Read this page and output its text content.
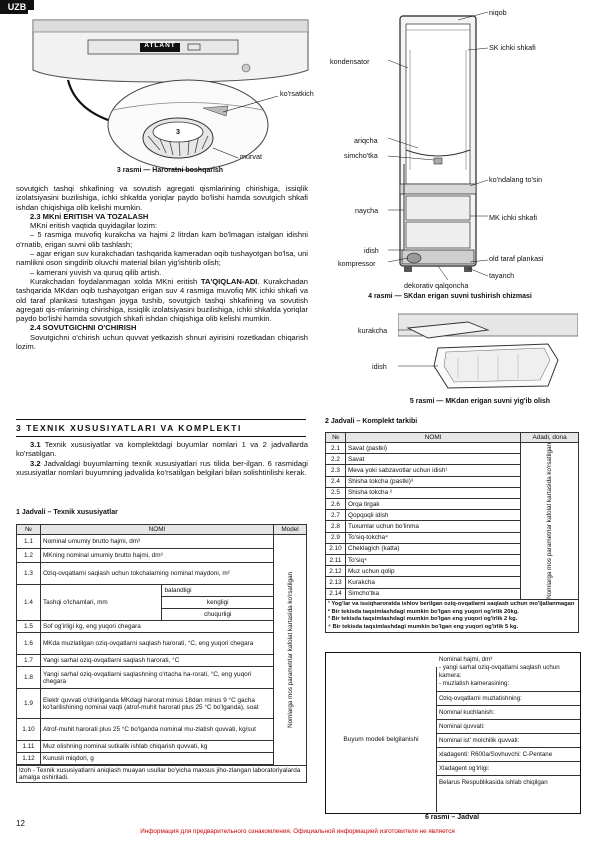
UZB
ATLANT
ko'rsatkich
3
murvat
3 rasmi — Haroratni boshqarish
niqob
SK ichki shkafi
kondensator
ariqcha
simcho'tka
ko'ndalang to'sin
naycha
MK ichki shkafi
idish
old taraf plankasi
kompressor
tayanch
dekorativ qalqoncha
4 rasmi — SKdan erigan suvni tushirish chizmasi
kurakcha
idish
5 rasmi — MKdan erigan suvni yig'ib olish

sovutgich tashqi shkafining va sovutish agregati qismlarining chirishiga, issiqlik izolatsiyasini buzilishiga, ichki shkafda yoriqlar paydo bo'lishi hamda sovutgich shkafi ishdan chiqishiga olib kelishi mumkin.

2.3 MKni ERITISH VA TOZALASH

MKni eritish vaqtida quyidagilar lozim:

– 5 rasmiga muvofiq kurakcha va hajmi 2 litrdan kam bo'lmagan istalgan idishni o'rnatib, erigan suvni olib tashlash;

– agar erigan suv kurakchadan tashqarida kameradan oqib tushayotgan bo'lsa, uni namlikni oson singdirib oluvchi material bilan yig'ishtirib olish;

– kamerani yuvish va quruq qilib artish.

Kurakchadan foydalanmagan xolda MKni eritish TA'QIQLAN-ADI. Kurakchadan tashqarida MKdan oqib tushayotgan erigan suv 4 rasmiga muvofiq MK ichki shkafi va old taraf plankasi tutashgan joyga tushib, sovutgich tashqi shkafining va sovutish agregati qis-mlarining chirishiga, issiqlik izolatsiyasini buzilishiga, ichki shkafda yoriqlar paydo bo'lishi hamda sovutgich shkafi ishdan chiqishiga olib kelishi mumkin.

2.4 SOVUTGICHNI O'CHIRISH

Sovutgichni o'chirish uchun quvvat yetkazish shnuri ayirisini rozetkadan chiqarish lozim.

3 TEXNIK XUSUSIYATLARI VA KOMPLEKTI

3.1 Texnik xususiyatlar va komplektdagi buyumlar nomlari 1 va 2 jadvallarda ko'rsatilgan.

3.2 Jadvaldagi buyumlarning texnik xususiyatlari rus tilida ber-ilgan. 6 rasmidagi xususiyatlar nomlari buyumning jadvalida ko'rsatilgan belgilari bilan solishtirilishi kerak.

1 Jadvali – Texnik xususiyatlar
№	NOMI		Model
1.1	Nominal umumiy brutto hajmi, dm³		Nomlarga mos parametrlar kafolat kartasida ko'rsatilgan

1.2	MKning nominal umumiy brutto hajmi, dm³		
1.3	Oziq-ovqatlarni saqlash uchun tokchalarning nominal maydoni, m²		
1.4	Tashqi o'lchamlari, mm	balandligi	
		kengligi	
		chuqurligi	
1.5	Sof og'irligi kg, eng yuqori chegara		
1.6	MKda muzlatilgan oziq-ovqatlarni saqlash harorati, °C, eng yuqori chegara		
1.7	Yangi sarhal oziq-ovqatlarni saqlash harorati, °C		
1.8	Yangi sarhal oziq-ovqatlarni saqlashning o'rtacha ha-rorati, °C, eng yuqori chegara		
1.9	Elektr quvvati o'chirilganda MKdagi harorat minus 18dan minus 9 °C gacha ko'tarilishining nominal vaqti (atrof-muhit harorati plus 25 °C bo'lganda), soat		
1.10	Atrof-muhit harorati plus 25 °C bo'lganda nominal mu-zlatish quvvati, kg/sut		
1.11	Muz olishning nominal sutkalik ishlab chiqarish quvvati, kg		
1.12	Kunusli miqdori, g		

Izoh - Texnik xususiyatlarni aniqlash muayan usullar bo'yicha maxsus jiho-zlangan laboratoriyalarda amalga oshiriladi.			
2 Jadvali – Komplekt tarkibi
№	NOMI	Adadi, dona
2.1	Savat (pastki)	Nomlarga mos parametrlar kafolat kartasida ko'rsatilgan

2.2	Savat	
2.3	Meva yoki sabzavotlar uchun idish¹	
2.4	Shisha tokcha (pastki)³	
2.5	Shisha tokcha ²	
2.6	Orqa tirgak	
2.7	Qopqoqli idish	
2.8	Tuxumlar uchun bo'linma	
2.9	To'siq-tokcha⁴	
2.10	Cheklagich (katta)	
2.11	To'siq⁴	
2.12	Muz uchun qolip	
2.13	Kurakcha	
2.14	Simcho'tka	

¹ Yog'lar va issiqharoratda ishlov berilgan oziq-ovqatlarni saqlash uchun mo'ljallanmagan
² Bir tekisda taqsimlashdagi mumkin bo'lgan eng yuqori og'irlik 20kg.
³ Bir tekisda taqsimlashdagi mumkin bo'lgan eng yuqori og'irlik 2 kg.
⁴ Bir tekisda taqsimlashdagi mumkin bo'lgan eng yuqori og'irlik 5 kg.		
Buyum modeli belgilanishi
Nominal hajmi, dm³
- yangi sarhal oziq-ovqatlarni saqlash uchun kamera:
- muzlatish kamerasining:
Oziq-ovqatlarni muzlatishning:
Nominal kuchlanish:
Nominal quvvati:
Nominal ist' molchilik quvvati:
xladagenti: R600a/Sovhuvchi: C-Pentane
Xladagent og'irligi:
Belarus Respublikasida ishlab chiqilgan
6 rasmi – Jadval
12
Информация для предварительного ознакомления. Официальной информацией изготовителя не является
